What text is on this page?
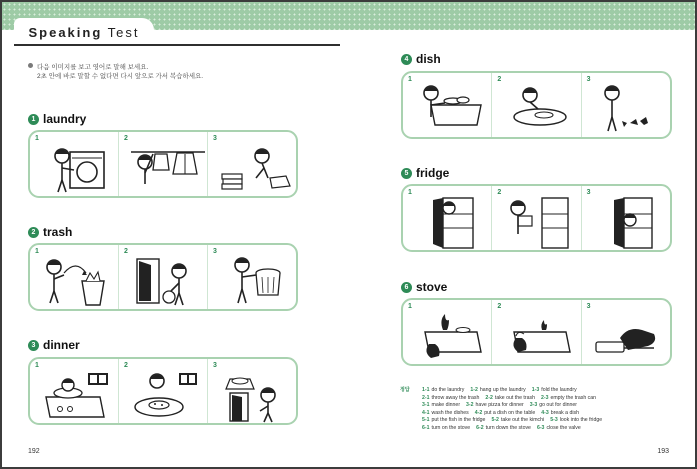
Speaking Test
다음 이미지를 보고 영어로 말해 보세요.
2초 안에 바로 말할 수 없다면 다시 앞으로 가서 복습하세요.
1 laundry
1	2	3
2 trash
1	2	3
3 dinner
1	2	3
4 dish
1	2	3
5 fridge
1	2	3
6 stove
1	2	3
정답	1-1 do the laundry 1-2 hang up the laundry 1-3 fold the laundry
2-1 throw away the trash 2-2 take out the trash 2-3 empty the trash can
3-1 make dinner 3-2 have pizza for dinner 3-3 go out for dinner
4-1 wash the dishes 4-2 put a dish on the table 4-3 break a dish
5-1 put the fish in the fridge 5-2 take out the kimchi 5-3 look into the fridge
6-1 turn on the stove 6-2 turn down the stove 6-3 close the valve
192	193
